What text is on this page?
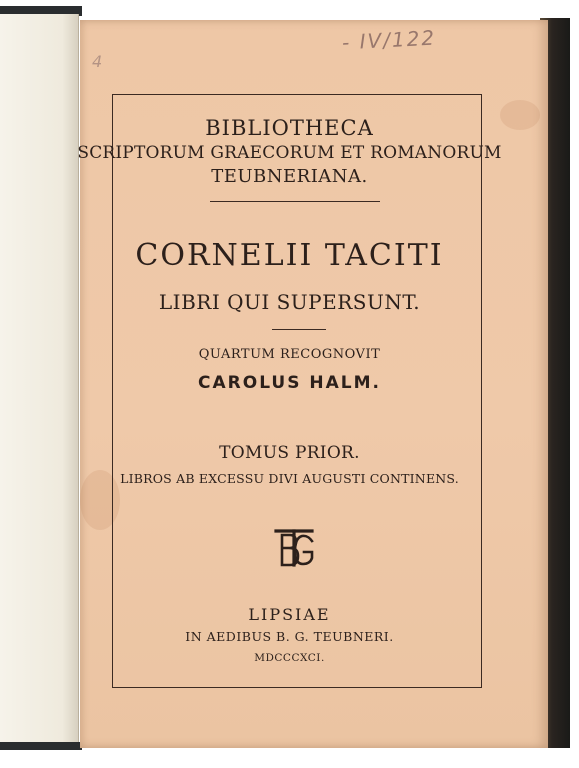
- IV/122
4
BIBLIOTHECA
SCRIPTORUM GRAECORUM ET ROMANORUM
TEUBNERIANA.
CORNELII TACITI
LIBRI QUI SUPERSUNT.
QUARTUM RECOGNOVIT
CAROLUS HALM.
TOMUS PRIOR.
LIBROS AB EXCESSU DIVI AUGUSTI CONTINENS.
LIPSIAE
IN AEDIBUS B. G. TEUBNERI.
MDCCCXCI.
